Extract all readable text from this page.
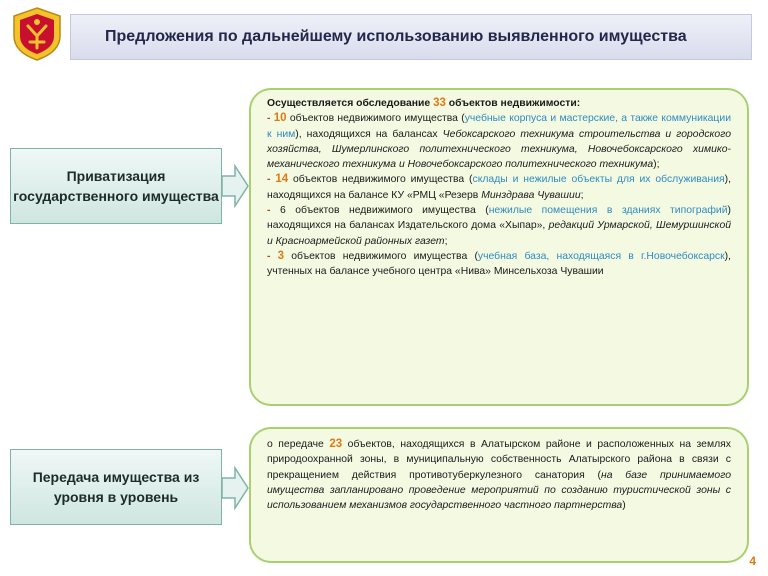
Предложения по дальнейшему использованию выявленного имущества
Приватизация государственного имущества
Осуществляется обследование 33 объектов недвижимости:
- 10 объектов недвижимого имущества (учебные корпуса и мастерские, а также коммуникации к ним), находящихся на балансах Чебоксарского техникума строительства и городского хозяйства, Шумерлинского политехнического техникума, Новочебоксарского химико-механического техникума и Новочебоксарского политехнического техникума);
- 14 объектов недвижимого имущества (склады и нежилые объекты для их обслуживания), находящихся на балансе КУ «РМЦ «Резерв Минздрава Чувашии;
- 6 объектов недвижимого имущества (нежилые помещения в зданиях типографий) находящихся на балансах Издательского дома «Хыпар», редакций Урмарской, Шемуршинской и Красноармейской районных газет;
- 3 объектов недвижимого имущества (учебная база, находящаяся в г.Новочебоксарск), учтенных на балансе учебного центра «Нива» Минсельхоза Чувашии
Передача имущества из уровня в уровень
о передаче 23 объектов, находящихся в Алатырском районе и расположенных на землях природоохранной зоны, в муниципальную собственность Алатырского района в связи с прекращением действия противотуберкулезного санатория (на базе принимаемого имущества запланировано проведение мероприятий по созданию туристической зоны с использованием механизмов государственного частного партнерства)
4
